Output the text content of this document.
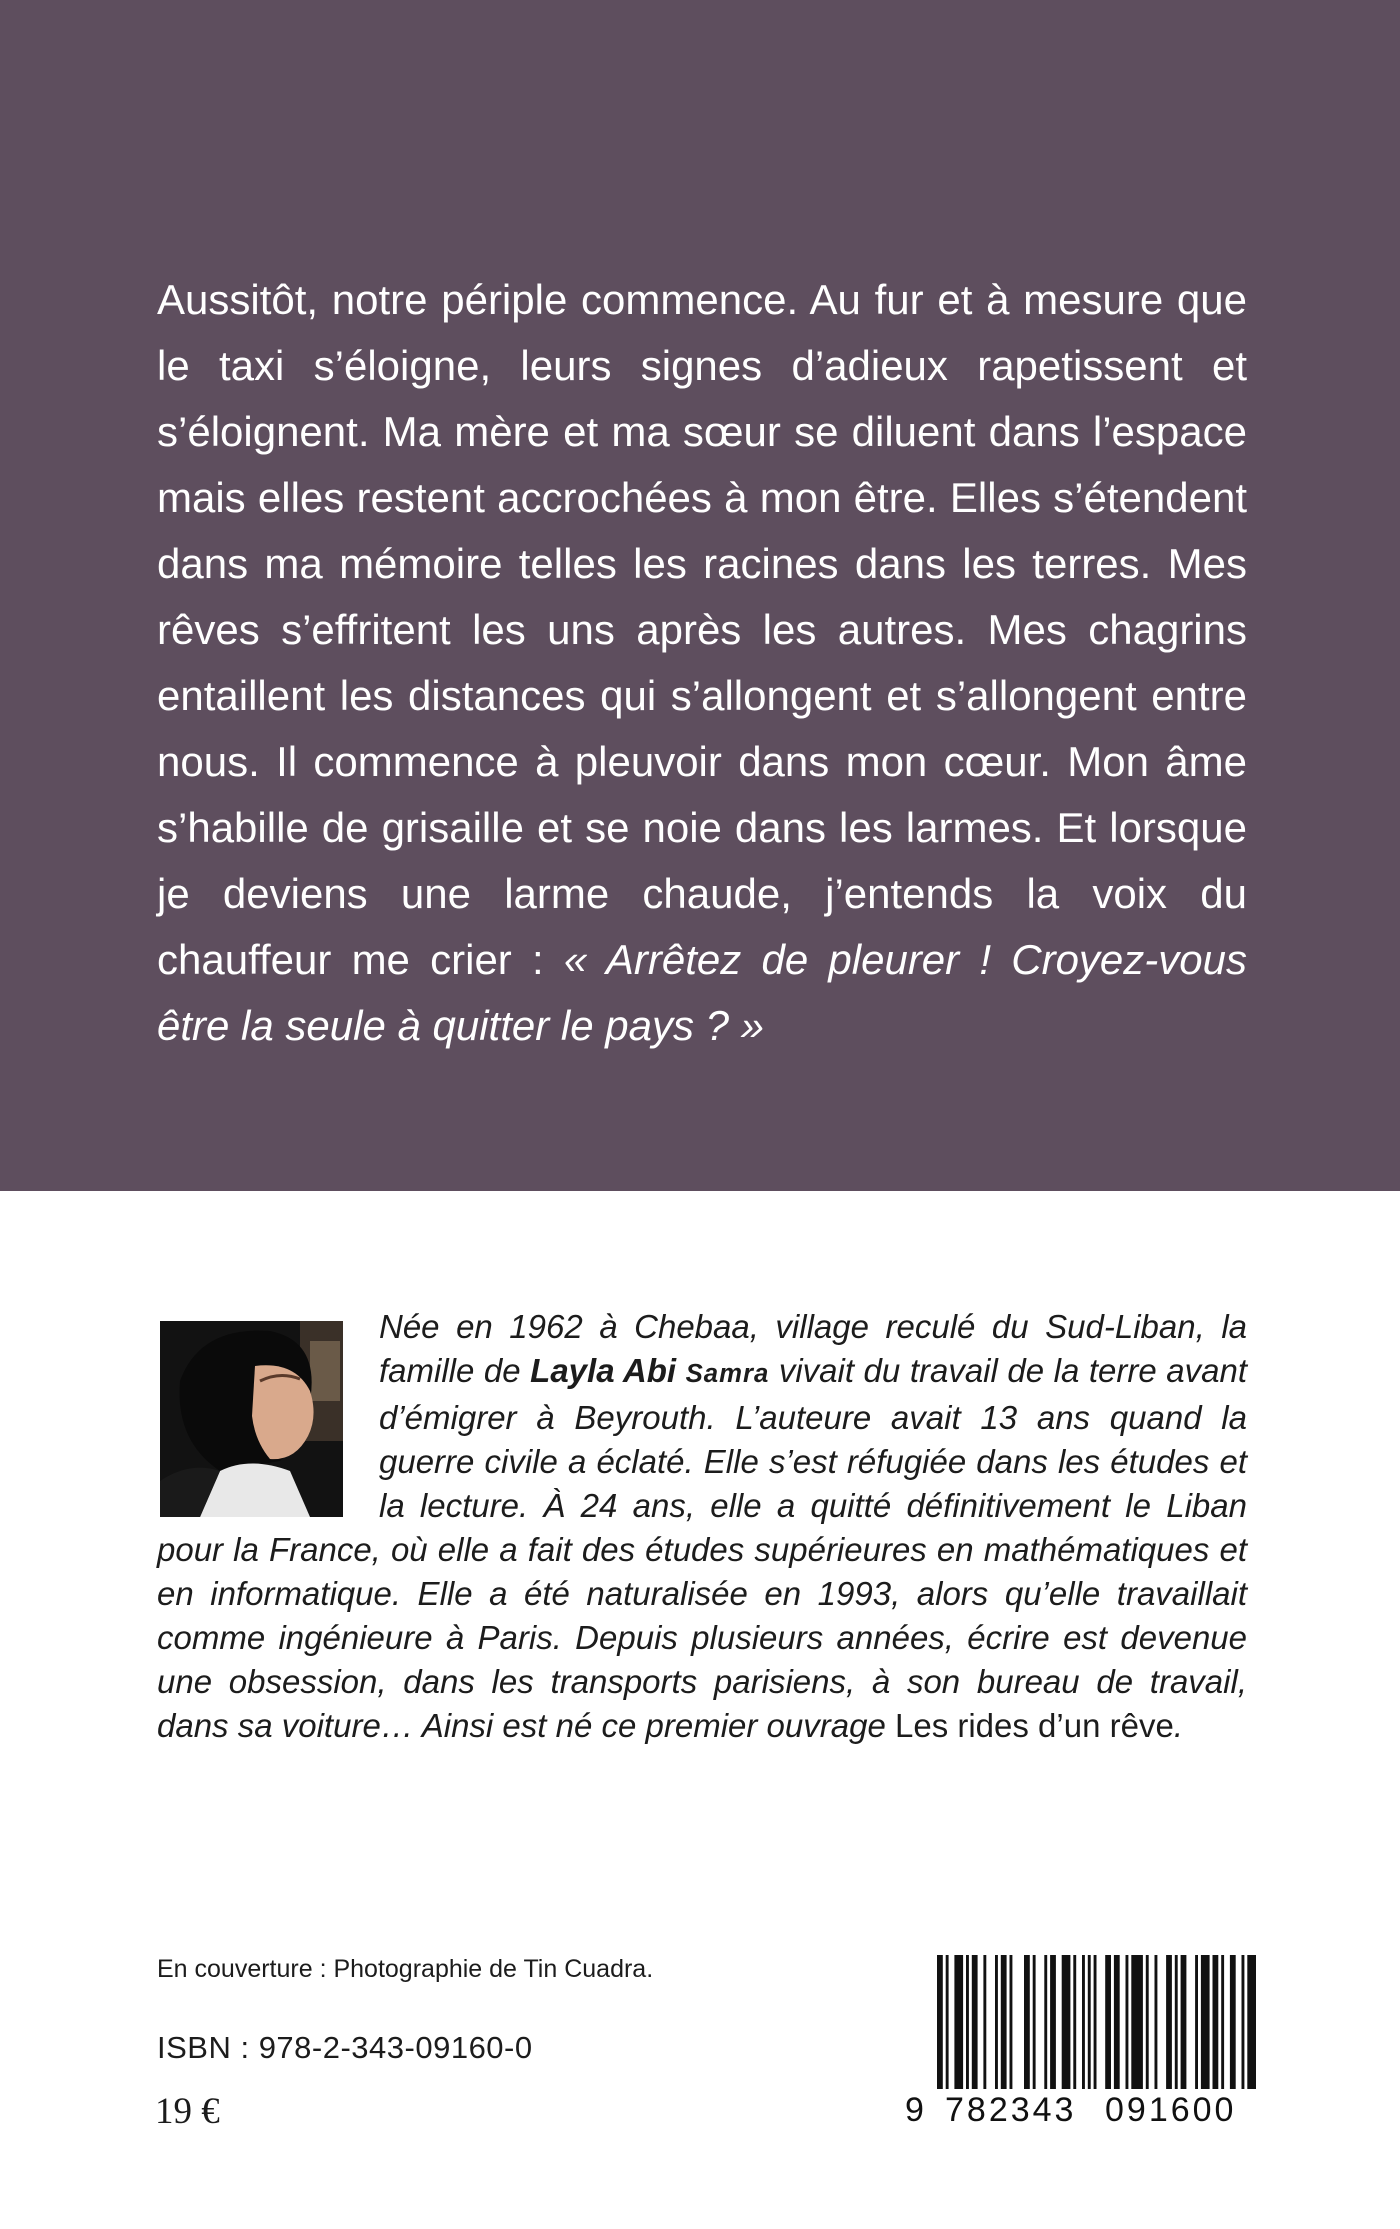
Aussitôt, notre périple commence. Au fur et à mesure que le taxi s’éloigne, leurs signes d’adieux rapetissent et s’éloignent. Ma mère et ma sœur se diluent dans l’espace mais elles restent accrochées à mon être. Elles s’étendent dans ma mémoire telles les racines dans les terres. Mes rêves s’effritent les uns après les autres. Mes chagrins entaillent les distances qui s’allongent et s’allongent entre nous. Il commence à pleuvoir dans mon cœur. Mon âme s’habille de grisaille et se noie dans les larmes. Et lorsque je deviens une larme chaude, j’entends la voix du chauffeur me crier : « Arrêtez de pleurer ! Croyez-vous être la seule à quitter le pays ? »

Née en 1962 à Chebaa, village reculé du Sud-Liban, la famille de Layla Abi Samra vivait du travail de la terre avant d’émigrer à Beyrouth. L’auteure avait 13 ans quand la guerre civile a éclaté. Elle s’est réfugiée dans les études et la lecture. À 24 ans, elle a quitté définitivement le Liban pour la France, où elle a fait des études supérieures en mathématiques et en informatique. Elle a été naturalisée en 1993, alors qu’elle travaillait comme ingénieure à Paris. Depuis plusieurs années, écrire est devenue une obsession, dans les transports parisiens, à son bureau de travail, dans sa voiture… Ainsi est né ce premier ouvrage Les rides d’un rêve.

En couverture : Photographie de Tin Cuadra.
ISBN : 978-2-343-09160-0
19 €	9 782343 091600
